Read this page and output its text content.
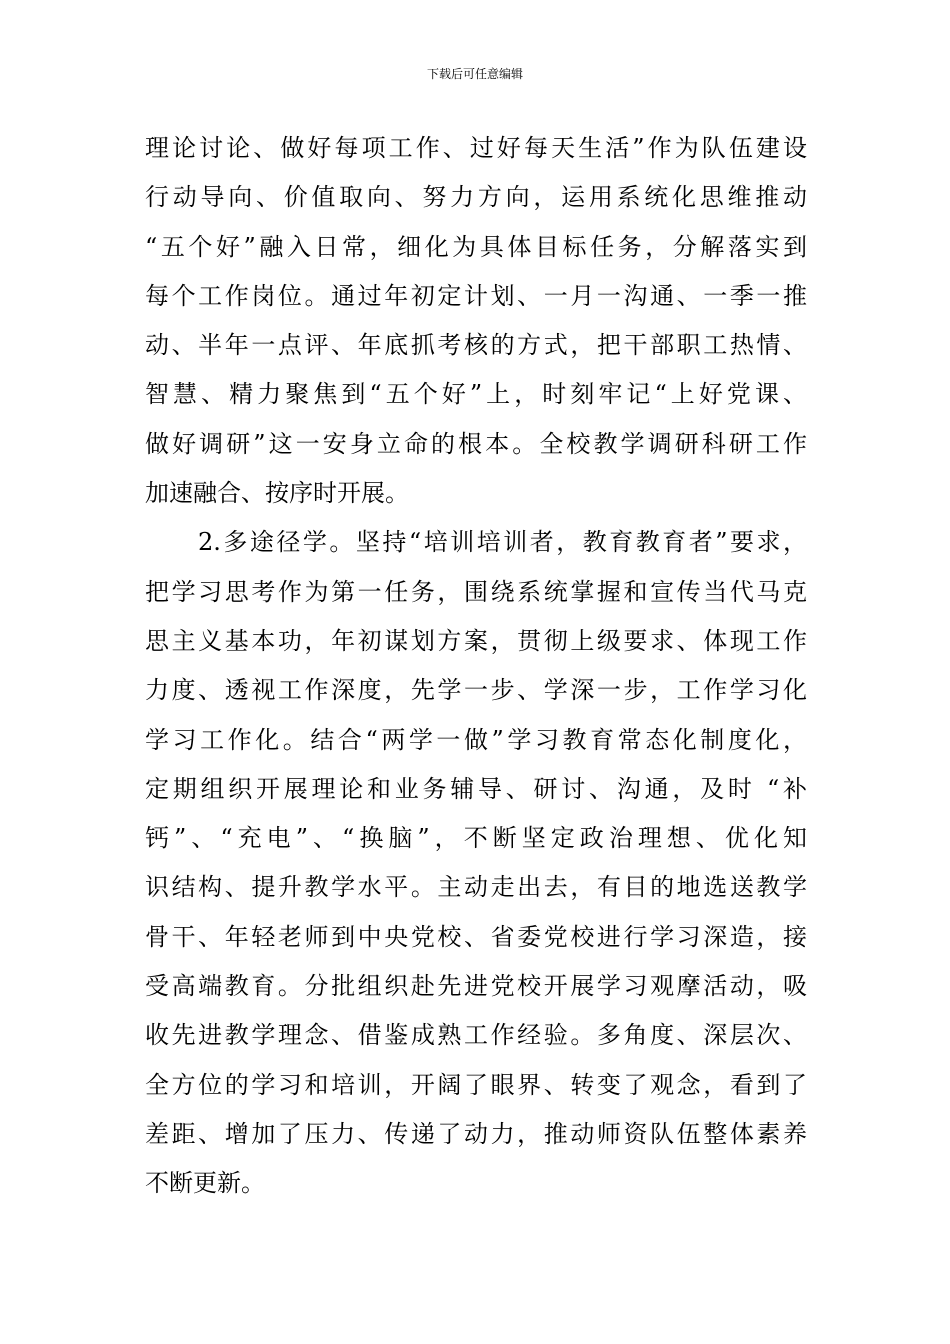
下载后可任意编辑
理论讨论、做好每项工作、过好每天生活”作为队伍建设
行动导向、价值取向、努力方向，运用系统化思维推动
“五个好”融入日常，细化为具体目标任务，分解落实到
每个工作岗位。通过年初定计划、一月一沟通、一季一推
动、半年一点评、年底抓考核的方式，把干部职工热情、
智慧、精力聚焦到“五个好”上，时刻牢记“上好党课、
做好调研”这一安身立命的根本。全校教学调研科研工作
加速融合、按序时开展。
　　2.多途径学。坚持“培训培训者，教育教育者”要求，
把学习思考作为第一任务，围绕系统掌握和宣传当代马克
思主义基本功，年初谋划方案，贯彻上级要求、体现工作
力度、透视工作深度，先学一步、学深一步，工作学习化
学习工作化。结合“两学一做”学习教育常态化制度化，
定期组织开展理论和业务辅导、研讨、沟通，及时 “补
钙”、“充电”、“换脑”，不断坚定政治理想、优化知
识结构、提升教学水平。主动走出去，有目的地选送教学
骨干、年轻老师到中央党校、省委党校进行学习深造，接
受高端教育。分批组织赴先进党校开展学习观摩活动，吸
收先进教学理念、借鉴成熟工作经验。多角度、深层次、
全方位的学习和培训，开阔了眼界、转变了观念，看到了
差距、增加了压力、传递了动力，推动师资队伍整体素养
不断更新。
